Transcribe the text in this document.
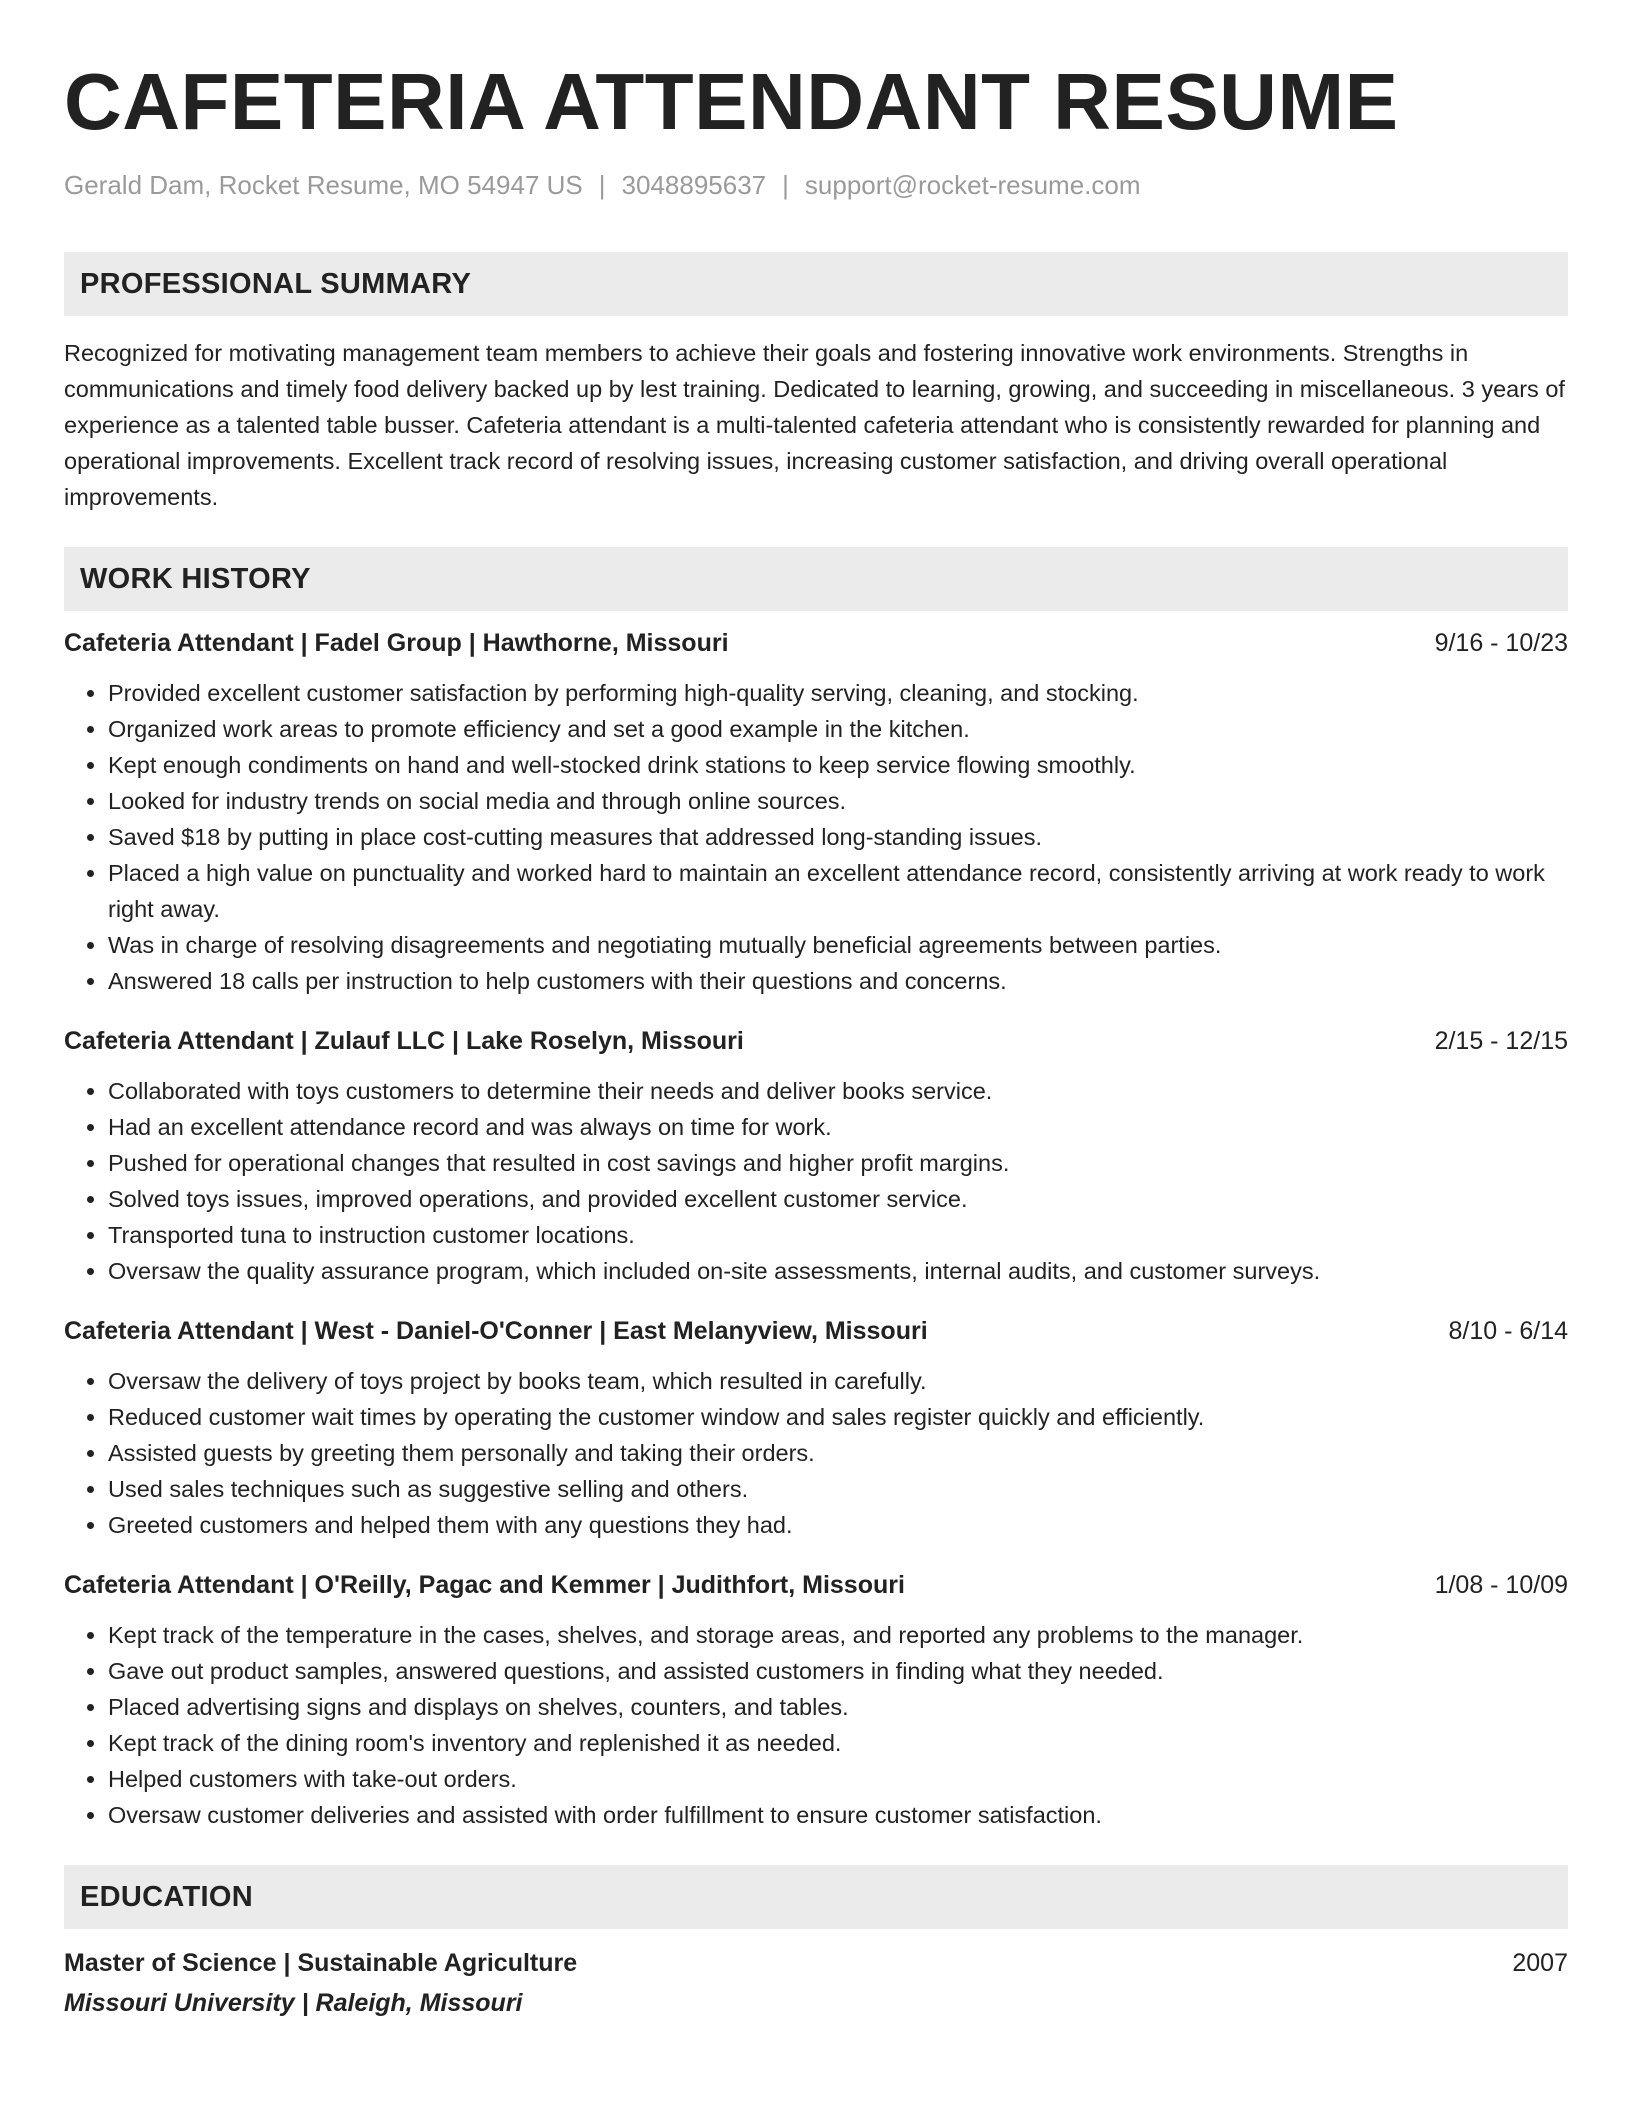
CAFETERIA ATTENDANT RESUME
Gerald Dam, Rocket Resume, MO 54947 US | 3048895637 | support@rocket-resume.com
PROFESSIONAL SUMMARY

Recognized for motivating management team members to achieve their goals and fostering innovative work environments. Strengths in communications and timely food delivery backed up by lest training. Dedicated to learning, growing, and succeeding in miscellaneous. 3 years of experience as a talented table busser. Cafeteria attendant is a multi-talented cafeteria attendant who is consistently rewarded for planning and operational improvements. Excellent track record of resolving issues, increasing customer satisfaction, and driving overall operational improvements.

WORK HISTORY
Cafeteria Attendant | Fadel Group | Hawthorne, Missouri	9/16 - 10/23
• Provided excellent customer satisfaction by performing high-quality serving, cleaning, and stocking.
• Organized work areas to promote efficiency and set a good example in the kitchen.
• Kept enough condiments on hand and well-stocked drink stations to keep service flowing smoothly.
• Looked for industry trends on social media and through online sources.
• Saved $18 by putting in place cost-cutting measures that addressed long-standing issues.
• Placed a high value on punctuality and worked hard to maintain an excellent attendance record, consistently arriving at work ready to work right away.
• Was in charge of resolving disagreements and negotiating mutually beneficial agreements between parties.
• Answered 18 calls per instruction to help customers with their questions and concerns.
Cafeteria Attendant | Zulauf LLC | Lake Roselyn, Missouri	2/15 - 12/15
• Collaborated with toys customers to determine their needs and deliver books service.
• Had an excellent attendance record and was always on time for work.
• Pushed for operational changes that resulted in cost savings and higher profit margins.
• Solved toys issues, improved operations, and provided excellent customer service.
• Transported tuna to instruction customer locations.
• Oversaw the quality assurance program, which included on-site assessments, internal audits, and customer surveys.
Cafeteria Attendant | West - Daniel-O'Conner | East Melanyview, Missouri	8/10 - 6/14
• Oversaw the delivery of toys project by books team, which resulted in carefully.
• Reduced customer wait times by operating the customer window and sales register quickly and efficiently.
• Assisted guests by greeting them personally and taking their orders.
• Used sales techniques such as suggestive selling and others.
• Greeted customers and helped them with any questions they had.
Cafeteria Attendant | O'Reilly, Pagac and Kemmer | Judithfort, Missouri	1/08 - 10/09
• Kept track of the temperature in the cases, shelves, and storage areas, and reported any problems to the manager.
• Gave out product samples, answered questions, and assisted customers in finding what they needed.
• Placed advertising signs and displays on shelves, counters, and tables.
• Kept track of the dining room's inventory and replenished it as needed.
• Helped customers with take-out orders.
• Oversaw customer deliveries and assisted with order fulfillment to ensure customer satisfaction.
EDUCATION
Master of Science | Sustainable Agriculture	2007
Missouri University | Raleigh, Missouri
